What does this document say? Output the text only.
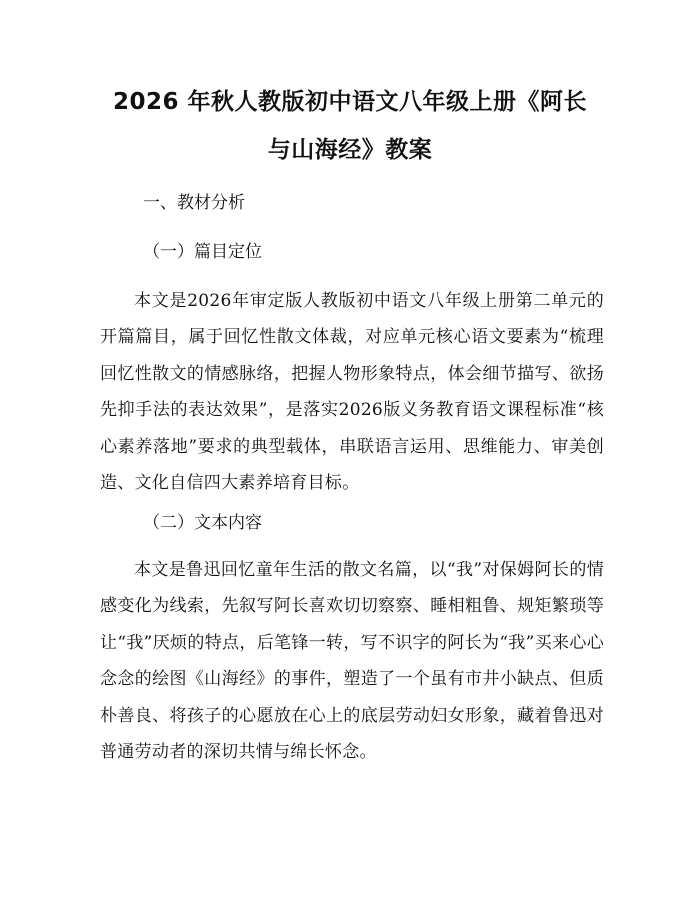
2026 年秋人教版初中语文八年级上册《阿长
与山海经》教案
一、教材分析
（一）篇目定位
本文是2026年审定版人教版初中语文八年级上册第二单元的开篇篇目，属于回忆性散文体裁，对应单元核心语文要素为“梳理回忆性散文的情感脉络，把握人物形象特点，体会细节描写、欲扬先抑手法的表达效果”，是落实2026版义务教育语文课程标准“核心素养落地”要求的典型载体，串联语言运用、思维能力、审美创造、文化自信四大素养培育目标。
（二）文本内容
本文是鲁迅回忆童年生活的散文名篇，以“我”对保姆阿长的情感变化为线索，先叙写阿长喜欢切切察察、睡相粗鲁、规矩繁琐等让“我”厌烦的特点，后笔锋一转，写不识字的阿长为“我”买来心心念念的绘图《山海经》的事件，塑造了一个虽有市井小缺点、但质朴善良、将孩子的心愿放在心上的底层劳动妇女形象，藏着鲁迅对普通劳动者的深切共情与绵长怀念。
